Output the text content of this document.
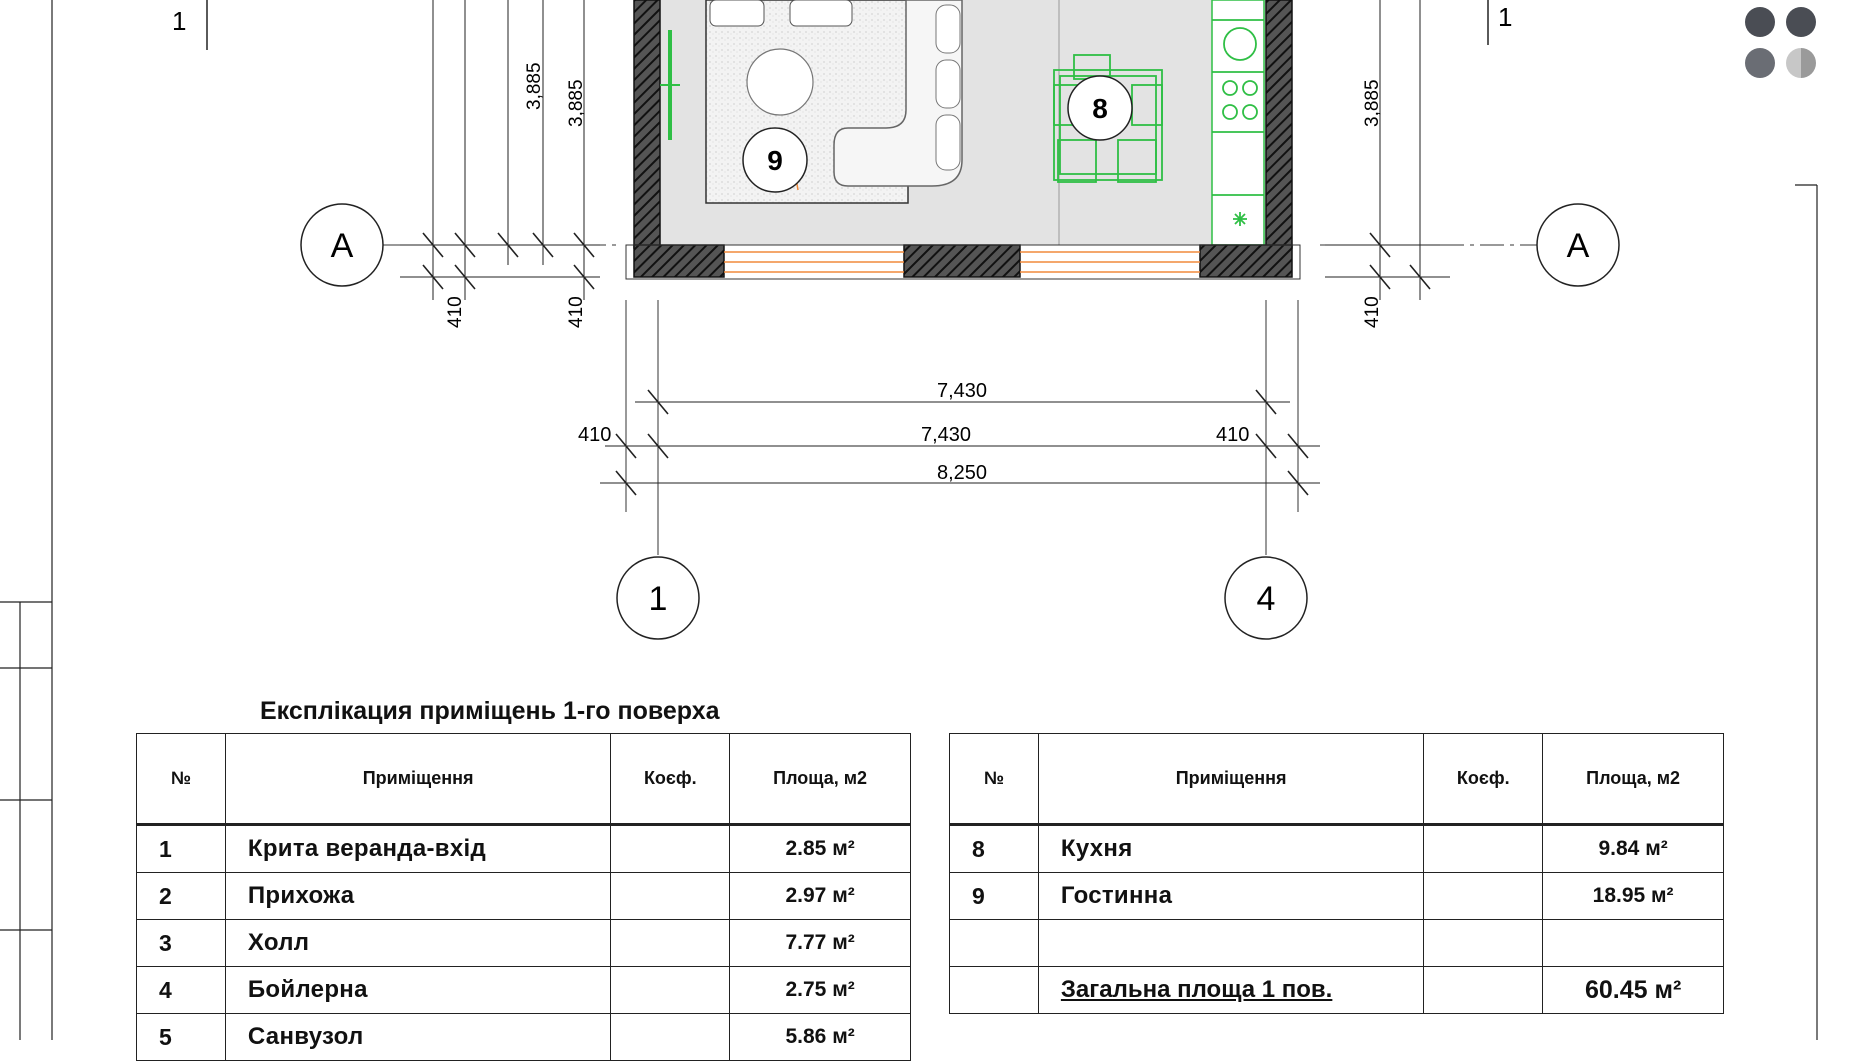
1	1
9
8
А	А
1	4
3,885 3,885
410	410
3,885
410
7,430
7,430
410	410
8,250
Експлікация приміщень 1-го поверха
№	Приміщення	Коєф.	Площа, м2
1	Крита веранда-вхід		2.85 м²
2	Прихожа		2.97 м²
3	Холл		7.77 м²
4	Бойлерна		2.75 м²
5	Санвузол		5.86 м²
№	Приміщення	Коєф.	Площа, м2
8	Кухня		9.84 м²
9	Гостинна		18.95 м²

	Загальна площа 1 пов.		60.45 м²
